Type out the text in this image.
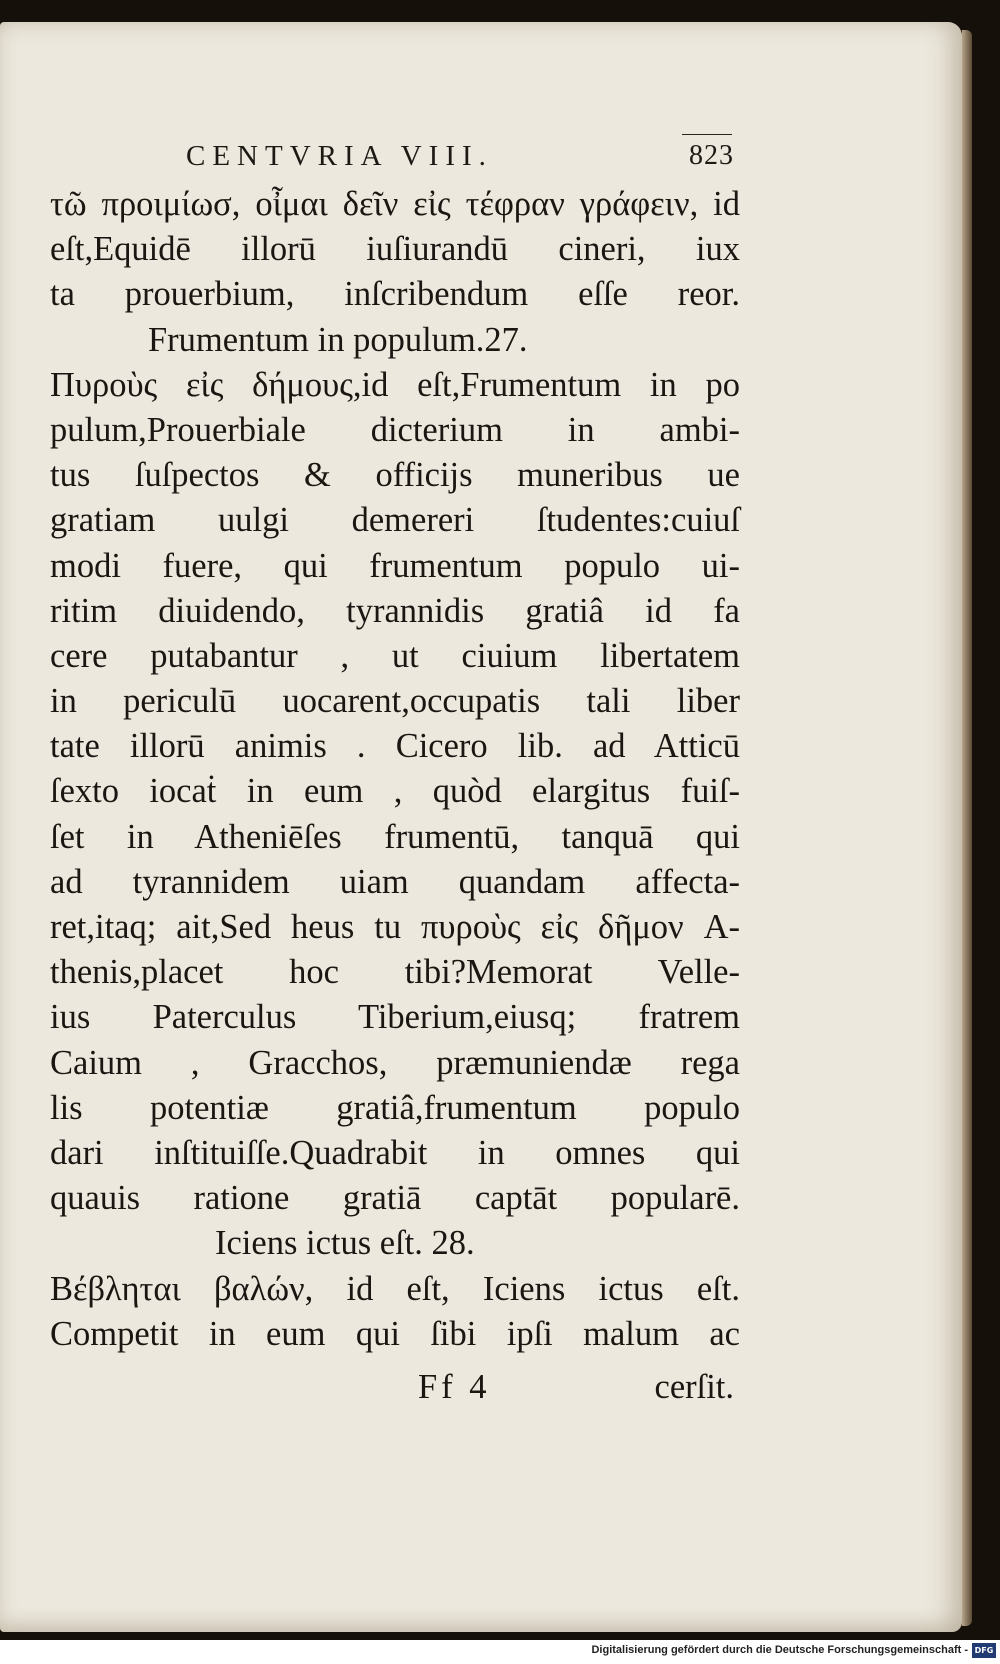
CENTVRIA VIII.	823
τῶ προιμίωσ, οἶμαι δεῖν εἰς τέφραν γράφειν, id
eſt,Equidē illorū iuſiurandū cineri, iux
ta prouerbium, inſcribendum eſſe reor.
Frumentum in populum.27.
Πυροὺς εἰς δήμους,id eſt,Frumentum in po
pulum,Prouerbiale dicterium in ambi-
tus ſuſpectos & officijs muneribus ue
gratiam uulgi demereri ſtudentes:cuiuſ
modi fuere, qui frumentum populo ui-
ritim diuidendo, tyrannidis gratiâ id fa
cere putabantur , ut ciuium libertatem
in periculū uocarent,occupatis tali liber
tate illorū animis . Cicero lib. ad Atticū
ſexto iocaṫ in eum , quòd elargitus fuiſ-
ſet in Atheniēſes frumentū, tanquā qui
ad tyrannidem uiam quandam affecta-
ret,itaq; ait,Sed heus tu πυροὺς εἰς δῆμον A-
thenis,placet hoc tibi?Memorat Velle-
ius Paterculus Tiberium,eiusq; fratrem
Caium , Gracchos, præmuniendæ rega
lis potentiæ gratiâ,frumentum populo
dari inſtituiſſe.Quadrabit in omnes qui
quauis ratione gratiā captāt popularē.
Iciens ictus eſt. 28.
Βέβληται βαλών, id eſt, Iciens ictus eſt.
Competit in eum qui ſibi ipſi malum ac
Ff 4	cerſit.
Digitalisierung gefördert durch die Deutsche Forschungsgemeinschaft - DFG
